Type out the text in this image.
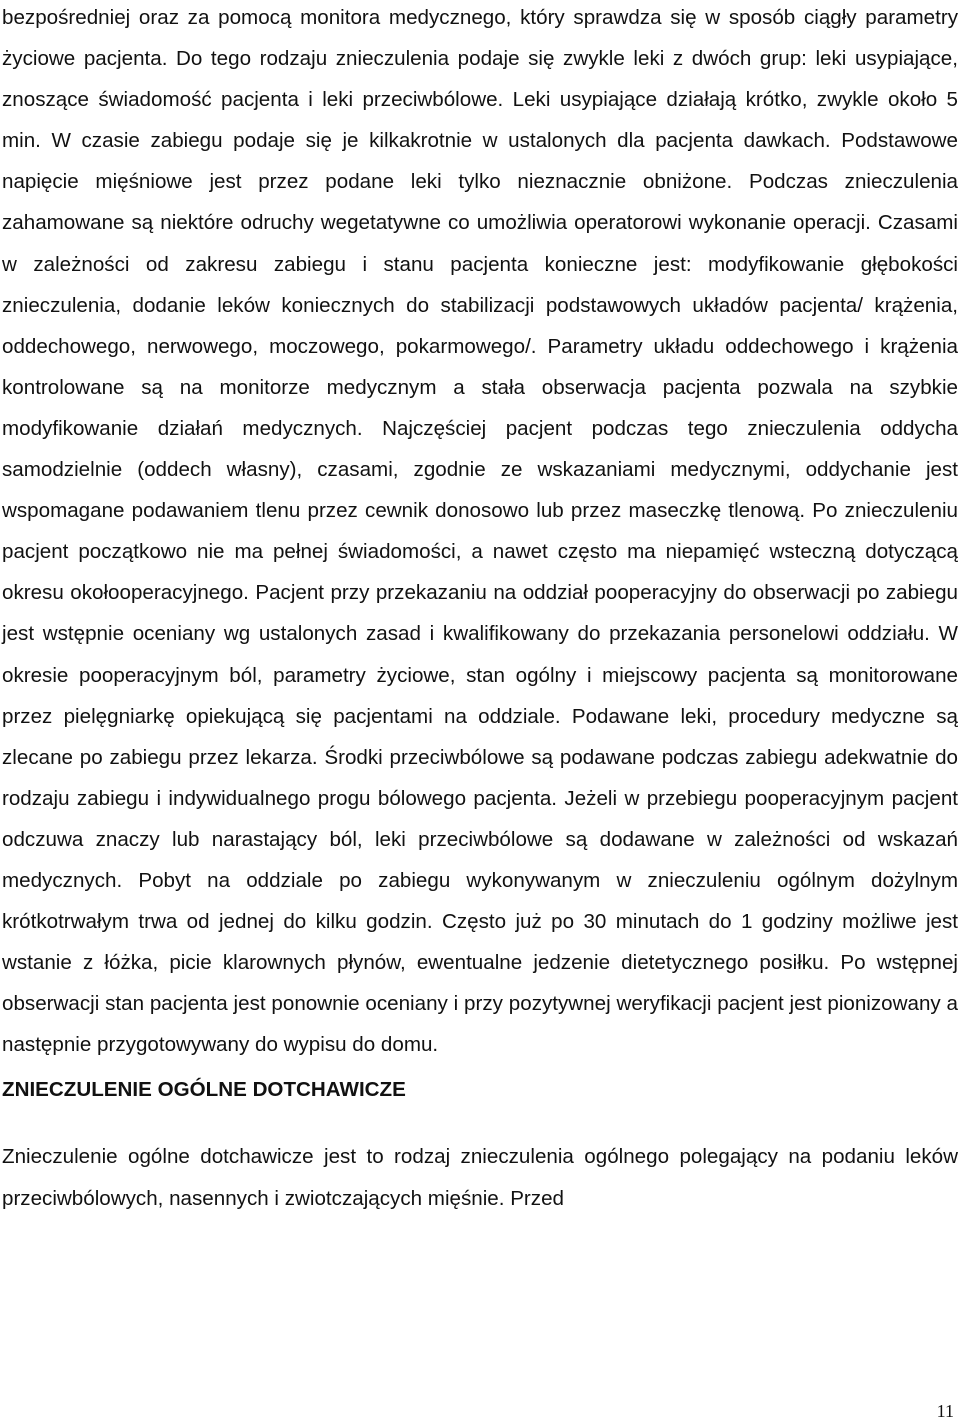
bezpośredniej oraz za pomocą monitora medycznego, który sprawdza się w sposób ciągły parametry życiowe pacjenta. Do tego rodzaju znieczulenia podaje się zwykle leki z dwóch grup: leki usypiające, znoszące świadomość pacjenta i leki przeciwbólowe. Leki usypiające działają krótko, zwykle około 5 min. W czasie zabiegu podaje się je kilkakrotnie w ustalonych dla pacjenta dawkach. Podstawowe napięcie mięśniowe jest przez podane leki tylko nieznacznie obniżone. Podczas znieczulenia zahamowane są niektóre odruchy wegetatywne co umożliwia operatorowi wykonanie operacji. Czasami w zależności od zakresu zabiegu i stanu pacjenta konieczne jest: modyfikowanie głębokości znieczulenia, dodanie leków koniecznych do stabilizacji podstawowych układów pacjenta/ krążenia, oddechowego, nerwowego, moczowego, pokarmowego/. Parametry układu oddechowego i krążenia kontrolowane są na monitorze medycznym a stała obserwacja pacjenta pozwala na szybkie modyfikowanie działań medycznych. Najczęściej pacjent podczas tego znieczulenia oddycha samodzielnie (oddech własny), czasami, zgodnie ze wskazaniami medycznymi, oddychanie jest wspomagane podawaniem tlenu przez cewnik donosowo lub przez maseczkę tlenową. Po znieczuleniu pacjent początkowo nie ma pełnej świadomości, a nawet często ma niepamięć wsteczną dotyczącą okresu okołooperacyjnego. Pacjent przy przekazaniu na oddział pooperacyjny do obserwacji po zabiegu jest wstępnie oceniany wg ustalonych zasad i kwalifikowany do przekazania personelowi oddziału. W okresie pooperacyjnym ból, parametry życiowe, stan ogólny i miejscowy pacjenta są monitorowane przez pielęgniarkę opiekującą się pacjentami na oddziale. Podawane leki, procedury medyczne są zlecane po zabiegu przez lekarza. Środki przeciwbólowe są podawane podczas zabiegu adekwatnie do rodzaju zabiegu i indywidualnego progu bólowego pacjenta. Jeżeli w przebiegu pooperacyjnym pacjent odczuwa znaczy lub narastający ból, leki przeciwbólowe są dodawane w zależności od wskazań medycznych. Pobyt na oddziale po zabiegu wykonywanym w znieczuleniu ogólnym dożylnym krótkotrwałym trwa od jednej do kilku godzin. Często już po 30 minutach do 1 godziny możliwe jest wstanie z łóżka, picie klarownych płynów, ewentualne jedzenie dietetycznego posiłku. Po wstępnej obserwacji stan pacjenta jest ponownie oceniany i przy pozytywnej weryfikacji pacjent jest pionizowany a następnie przygotowywany do wypisu do domu.

ZNIECZULENIE OGÓLNE DOTCHAWICZE

Znieczulenie ogólne dotchawicze jest to rodzaj znieczulenia ogólnego polegający na podaniu leków przeciwbólowych, nasennych i zwiotczających mięśnie. Przed

11
